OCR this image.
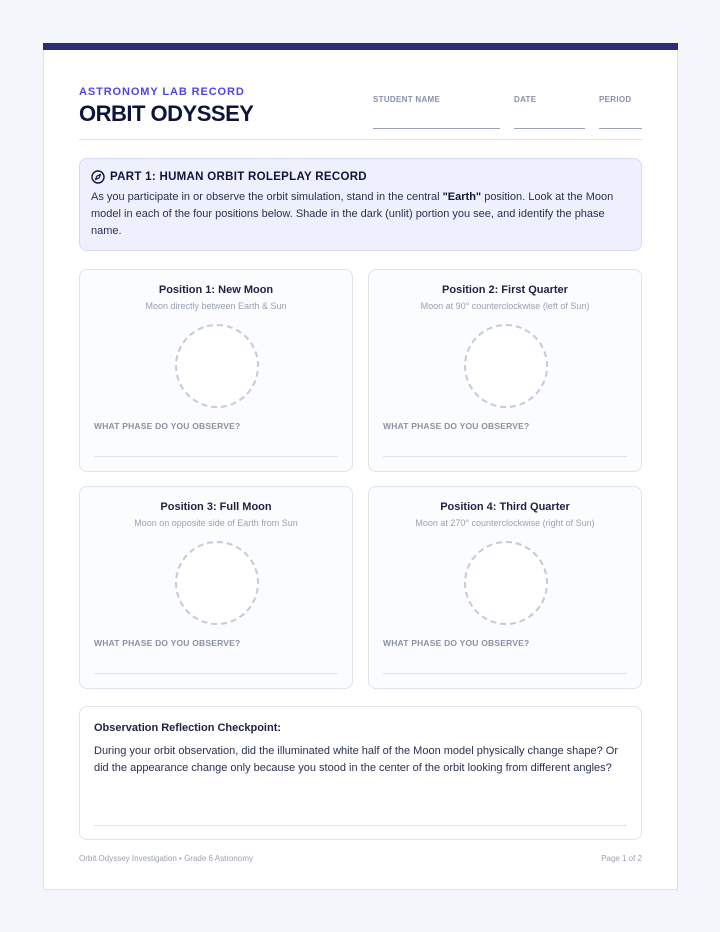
ASTRONOMY LAB RECORD
ORBIT ODYSSEY
STUDENT NAME	DATE	PERIOD
PART 1: HUMAN ORBIT ROLEPLAY RECORD
As you participate in or observe the orbit simulation, stand in the central "Earth" position. Look at the Moon model in each of the four positions below. Shade in the dark (unlit) portion you see, and identify the phase name.
Position 1: New Moon
Moon directly between Earth & Sun
WHAT PHASE DO YOU OBSERVE?
Position 2: First Quarter
Moon at 90° counterclockwise (left of Sun)
WHAT PHASE DO YOU OBSERVE?
Position 3: Full Moon
Moon on opposite side of Earth from Sun
WHAT PHASE DO YOU OBSERVE?
Position 4: Third Quarter
Moon at 270° counterclockwise (right of Sun)
WHAT PHASE DO YOU OBSERVE?
Observation Reflection Checkpoint:
During your orbit observation, did the illuminated white half of the Moon model physically change shape? Or did the appearance change only because you stood in the center of the orbit looking from different angles?
Orbit Odyssey Investigation • Grade 6 Astronomy	Page 1 of 2
